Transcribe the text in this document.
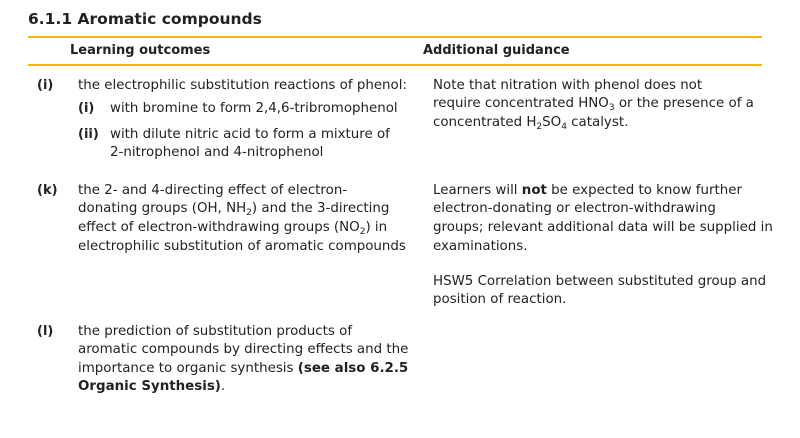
6.1.1 Aromatic compounds
Learning outcomes	Additional guidance
(i) the electrophilic substitution reactions of phenol:
(i) with bromine to form 2,4,6-tribromophenol
(ii) with dilute nitric acid to form a mixture of
2-nitrophenol and 4-nitrophenol
Note that nitration with phenol does not
require concentrated $HNO_3$ or the presence of a
concentrated $H_2SO_4$ catalyst.
(k) the 2- and 4-directing effect of electron-
donating groups (OH, $NH_2$) and the 3-directing
effect of electron-withdrawing groups $(NO_2)$ in
electrophilic substitution of aromatic compounds
Learners will not be expected to know further
electron-donating or electron-withdrawing
groups; relevant additional data will be supplied in
examinations.
HSW5 Correlation between substituted group and
position of reaction.
(l) the prediction of substitution products of
aromatic compounds by directing effects and the
importance to organic synthesis (see also 6.2.5
Organic Synthesis).
